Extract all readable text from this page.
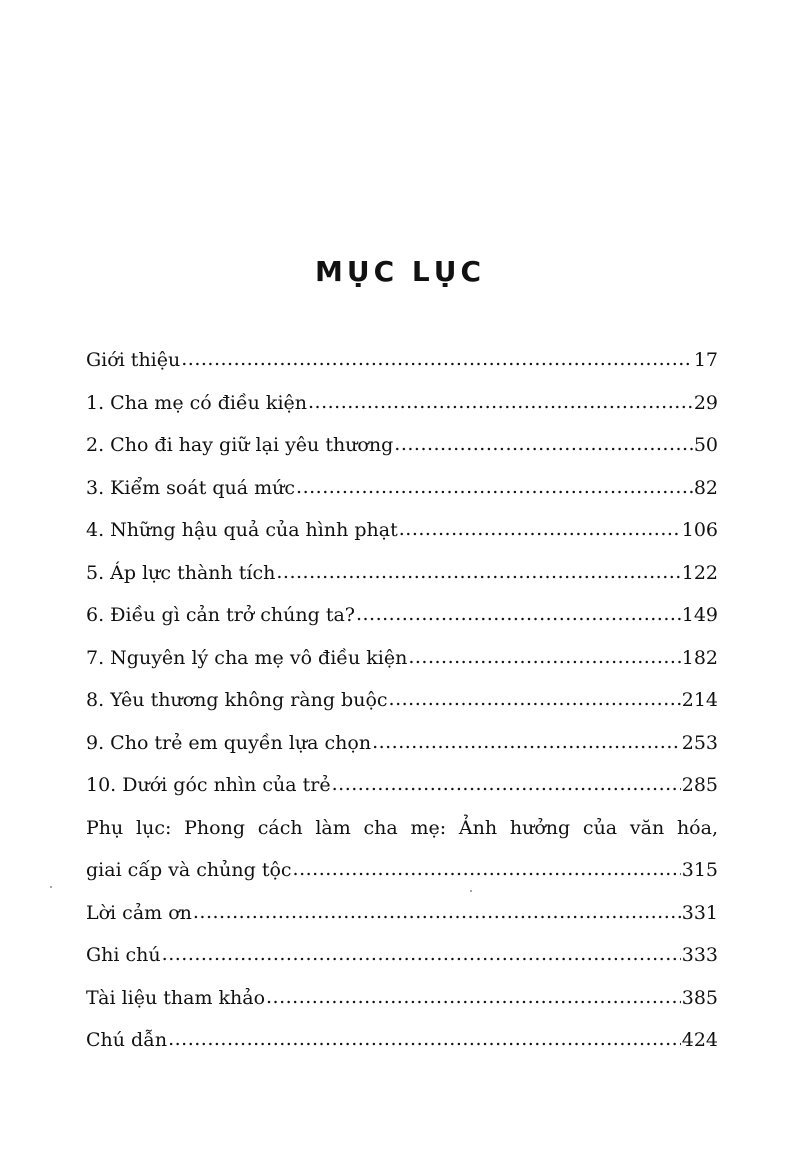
MỤC LỤC
Giới thiệu .....	17
1. Cha mẹ có điều kiện .....	29
2. Cho đi hay giữ lại yêu thương .....	50
3. Kiểm soát quá mức .....	82
4. Những hậu quả của hình phạt .....	106
5. Áp lực thành tích .....	122
6. Điều gì cản trở chúng ta? .....	149
7. Nguyên lý cha mẹ vô điều kiện .....	182
8. Yêu thương không ràng buộc .....	214
9. Cho trẻ em quyền lựa chọn .....	253
10. Dưới góc nhìn của trẻ .....	285
Phụ lục: Phong cách làm cha mẹ: Ảnh hưởng của văn hóa,
giai cấp và chủng tộc .....	315
Lời cảm ơn .....	331
Ghi chú .....	333
Tài liệu tham khảo .....	385
Chú dẫn .....	424
